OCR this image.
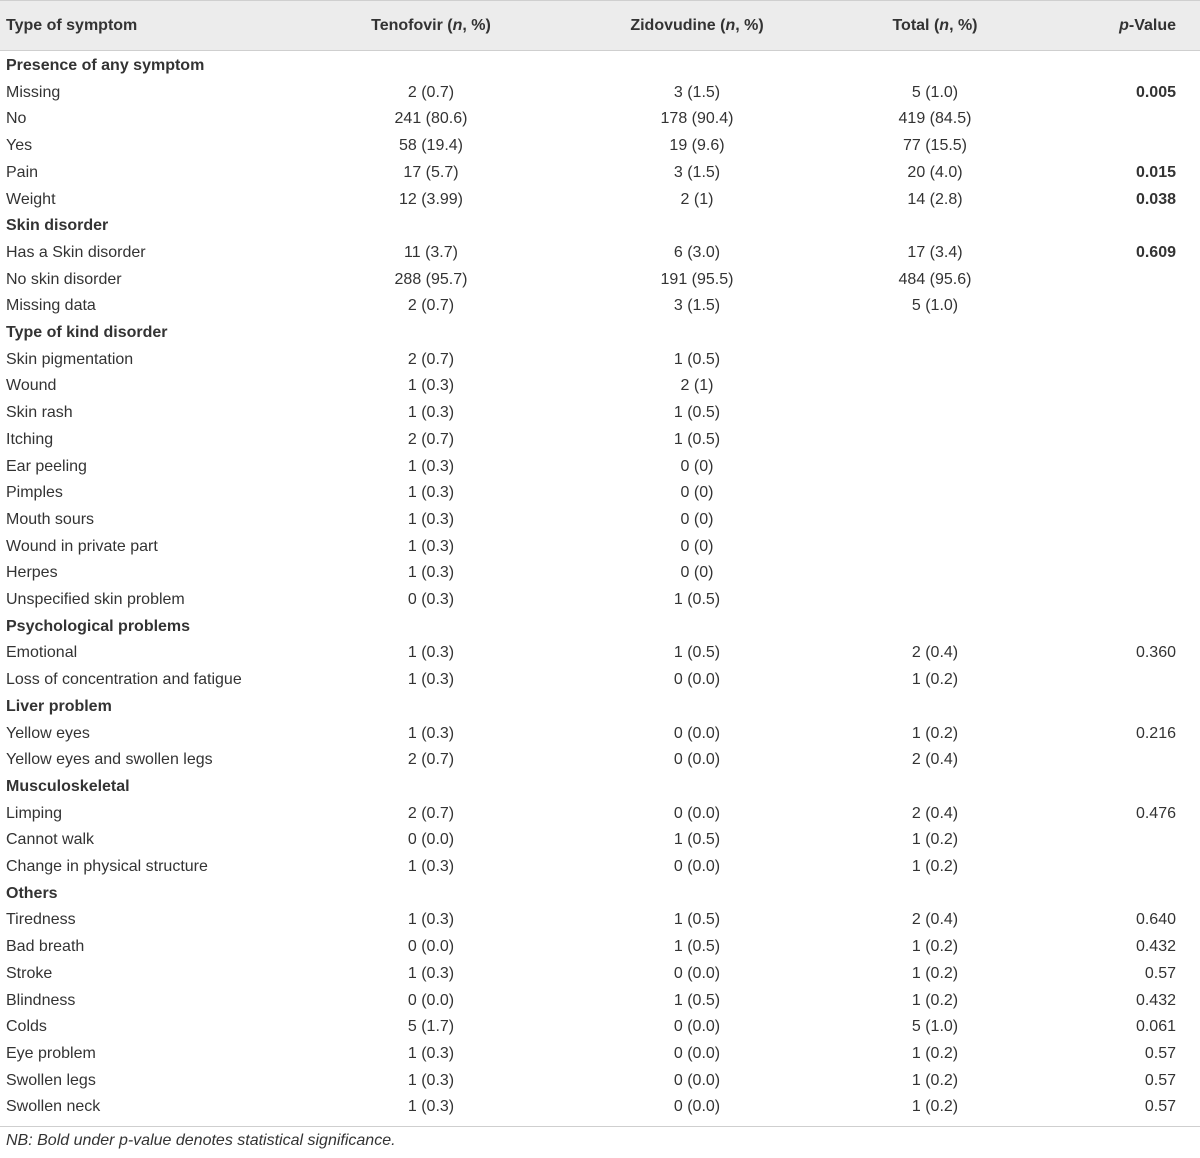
Type of symptom	Tenofovir (n, %)	Zidovudine (n, %)	Total (n, %)	p-Value
Presence of any symptom
Missing	2 (0.7)	3 (1.5)	5 (1.0)	0.005
No	241 (80.6)	178 (90.4)	419 (84.5)
Yes	58 (19.4)	19 (9.6)	77 (15.5)
Pain	17 (5.7)	3 (1.5)	20 (4.0)	0.015
Weight	12 (3.99)	2 (1)	14 (2.8)	0.038
Skin disorder
Has a Skin disorder	11 (3.7)	6 (3.0)	17 (3.4)	0.609
No skin disorder	288 (95.7)	191 (95.5)	484 (95.6)
Missing data	2 (0.7)	3 (1.5)	5 (1.0)
Type of kind disorder
Skin pigmentation	2 (0.7)	1 (0.5)
Wound	1 (0.3)	2 (1)
Skin rash	1 (0.3)	1 (0.5)
Itching	2 (0.7)	1 (0.5)
Ear peeling	1 (0.3)	0 (0)
Pimples	1 (0.3)	0 (0)
Mouth sours	1 (0.3)	0 (0)
Wound in private part	1 (0.3)	0 (0)
Herpes	1 (0.3)	0 (0)
Unspecified skin problem	0 (0.3)	1 (0.5)
Psychological problems
Emotional	1 (0.3)	1 (0.5)	2 (0.4)	0.360
Loss of concentration and fatigue	1 (0.3)	0 (0.0)	1 (0.2)
Liver problem
Yellow eyes	1 (0.3)	0 (0.0)	1 (0.2)	0.216
Yellow eyes and swollen legs	2 (0.7)	0 (0.0)	2 (0.4)
Musculoskeletal
Limping	2 (0.7)	0 (0.0)	2 (0.4)	0.476
Cannot walk	0 (0.0)	1 (0.5)	1 (0.2)
Change in physical structure	1 (0.3)	0 (0.0)	1 (0.2)
Others
Tiredness	1 (0.3)	1 (0.5)	2 (0.4)	0.640
Bad breath	0 (0.0)	1 (0.5)	1 (0.2)	0.432
Stroke	1 (0.3)	0 (0.0)	1 (0.2)	0.57
Blindness	0 (0.0)	1 (0.5)	1 (0.2)	0.432
Colds	5 (1.7)	0 (0.0)	5 (1.0)	0.061
Eye problem	1 (0.3)	0 (0.0)	1 (0.2)	0.57
Swollen legs	1 (0.3)	0 (0.0)	1 (0.2)	0.57
Swollen neck	1 (0.3)	0 (0.0)	1 (0.2)	0.57
NB: Bold under p-value denotes statistical significance.
